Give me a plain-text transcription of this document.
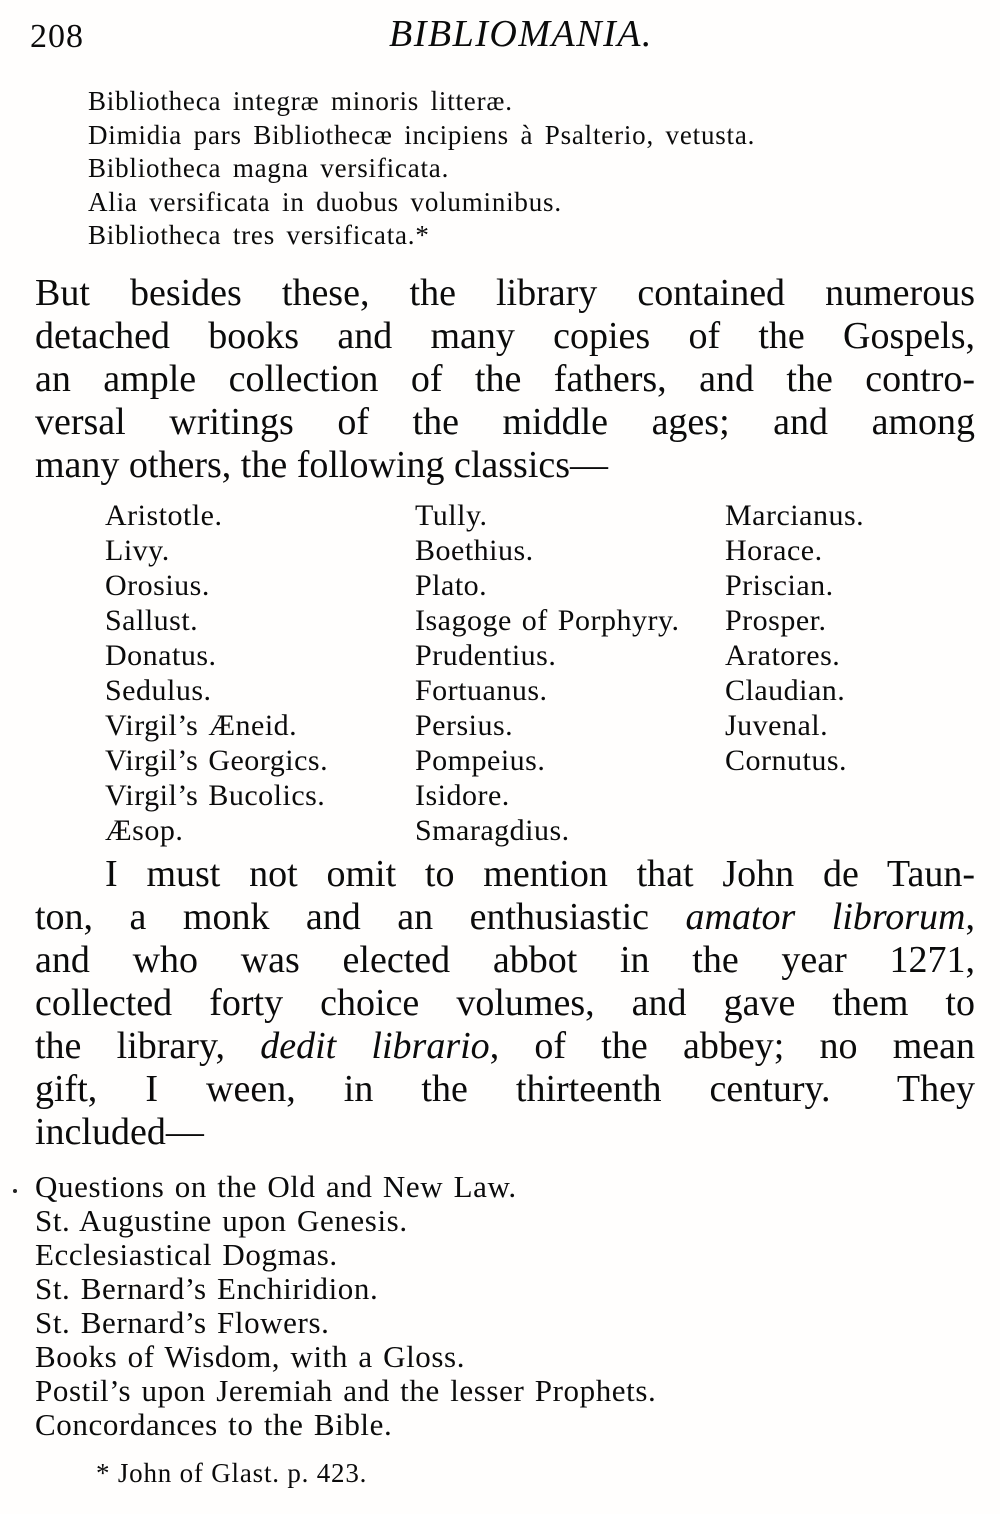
208	BIBLIOMANIA.
Bibliotheca integræ minoris litteræ.
Dimidia pars Bibliothecæ incipiens à Psalterio, vetusta.
Bibliotheca magna versificata.
Alia versificata in duobus voluminibus.
Bibliotheca tres versificata.*
But besides these, the library contained numerous
detached books and many copies of the Gospels,
an ample collection of the fathers, and the contro-
versal writings of the middle ages; and among
many others, the following classics—
Aristotle.
Livy.
Orosius.
Sallust.
Donatus.
Sedulus.
Virgil’s Æneid.
Virgil’s Georgics.
Virgil’s Bucolics.
Æsop.
Tully.
Boethius.
Plato.
Isagoge of Porphyry.
Prudentius.
Fortuanus.
Persius.
Pompeius.
Isidore.
Smaragdius.
Marcianus.
Horace.
Priscian.
Prosper.
Aratores.
Claudian.
Juvenal.
Cornutus.
I must not omit to mention that John de Taun-
ton, a monk and an enthusiastic amator librorum,
and who was elected abbot in the year 1271,
collected forty choice volumes, and gave them to
the library, dedit librario, of the abbey; no mean
gift, I ween, in the thirteenth century.  They
included—
Questions on the Old and New Law.
St. Augustine upon Genesis.
Ecclesiastical Dogmas.
St. Bernard’s Enchiridion.
St. Bernard’s Flowers.
Books of Wisdom, with a Gloss.
Postil’s upon Jeremiah and the lesser Prophets.
Concordances to the Bible.
* John of Glast. p. 423.
